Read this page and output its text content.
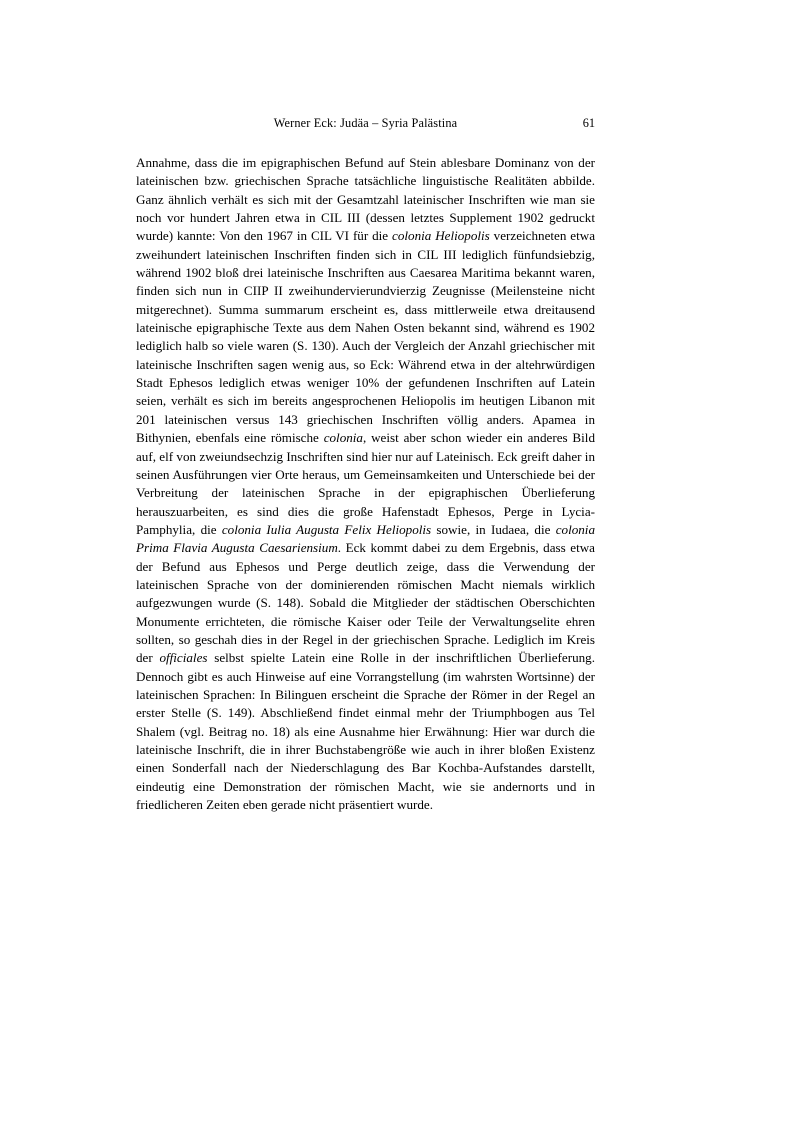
Werner Eck: Judäa – Syria Palästina	61

Annahme, dass die im epigraphischen Befund auf Stein ablesbare Dominanz von der lateinischen bzw. griechischen Sprache tatsächliche linguistische Realitäten abbilde. Ganz ähnlich verhält es sich mit der Gesamtzahl lateinischer Inschriften wie man sie noch vor hundert Jahren etwa in CIL III (dessen letztes Supplement 1902 gedruckt wurde) kannte: Von den 1967 in CIL VI für die colonia Heliopolis verzeichneten etwa zweihundert lateinischen Inschriften finden sich in CIL III lediglich fünfundsiebzig, während 1902 bloß drei lateinische Inschriften aus Caesarea Maritima bekannt waren, finden sich nun in CIIP II zweihundervierundvierzig Zeugnisse (Meilensteine nicht mitgerechnet). Summa summarum erscheint es, dass mittlerweile etwa dreitausend lateinische epigraphische Texte aus dem Nahen Osten bekannt sind, während es 1902 lediglich halb so viele waren (S. 130). Auch der Vergleich der Anzahl griechischer mit lateinische Inschriften sagen wenig aus, so Eck: Während etwa in der altehrwürdigen Stadt Ephesos lediglich etwas weniger 10% der gefundenen Inschriften auf Latein seien, verhält es sich im bereits angesprochenen Heliopolis im heutigen Libanon mit 201 lateinischen versus 143 griechischen Inschriften völlig anders. Apamea in Bithynien, ebenfals eine römische colonia, weist aber schon wieder ein anderes Bild auf, elf von zweiundsechzig Inschriften sind hier nur auf Lateinisch. Eck greift daher in seinen Ausführungen vier Orte heraus, um Gemeinsamkeiten und Unterschiede bei der Verbreitung der lateinischen Sprache in der epigraphischen Überlieferung herauszuarbeiten, es sind dies die große Hafenstadt Ephesos, Perge in Lycia-Pamphylia, die colonia Iulia Augusta Felix Heliopolis sowie, in Iudaea, die colonia Prima Flavia Augusta Caesariensium. Eck kommt dabei zu dem Ergebnis, dass etwa der Befund aus Ephesos und Perge deutlich zeige, dass die Verwendung der lateinischen Sprache von der dominierenden römischen Macht niemals wirklich aufgezwungen wurde (S. 148). Sobald die Mitglieder der städtischen Oberschichten Monumente errichteten, die römische Kaiser oder Teile der Verwaltungselite ehren sollten, so geschah dies in der Regel in der griechischen Sprache. Lediglich im Kreis der officiales selbst spielte Latein eine Rolle in der inschriftlichen Überlieferung. Dennoch gibt es auch Hinweise auf eine Vorrangstellung (im wahrsten Wortsinne) der lateinischen Sprachen: In Bilinguen erscheint die Sprache der Römer in der Regel an erster Stelle (S. 149). Abschließend findet einmal mehr der Triumphbogen aus Tel Shalem (vgl. Beitrag no. 18) als eine Ausnahme hier Erwähnung: Hier war durch die lateinische Inschrift, die in ihrer Buchstabengröße wie auch in ihrer bloßen Existenz einen Sonderfall nach der Niederschlagung des Bar Kochba-Aufstandes darstellt, eindeutig eine Demonstration der römischen Macht, wie sie andernorts und in friedlicheren Zeiten eben gerade nicht präsentiert wurde.
